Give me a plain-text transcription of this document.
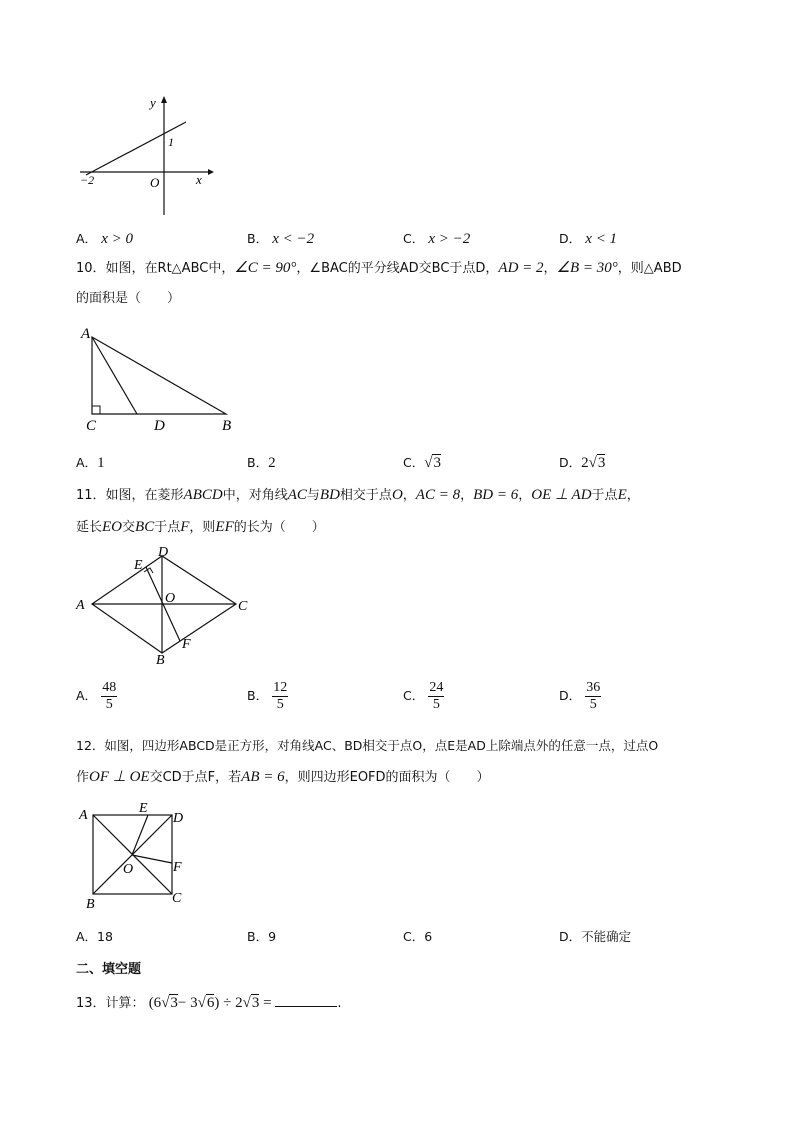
y
x
O
1
−2
A． x > 0	B． x < −2	C． x > −2	D． x < 1
10．如图，在Rt△ABC中，∠C = 90°，∠BAC的平分线AD交BC于点D，AD = 2，∠B = 30°，则△ABD
的面积是（　　）
A
C	D	B
A．1	B．2	C．√3	D．2√3
11．如图，在菱形ABCD中，对角线AC与BD相交于点O，AC = 8，BD = 6，OE ⊥ AD于点E，
延长EO交BC于点F，则EF的长为（　　）
A
D
E
O
C
F
B
A． $\frac{48}{5}$	B． $\frac{12}{5}$	C． $\frac{24}{5}$	D． $\frac{36}{5}$
12．如图，四边形ABCD是正方形，对角线AC、BD相交于点O，点E是AD上除端点外的任意一点，过点O
作OF ⊥ OE交CD于点F，若AB = 6，则四边形EOFD的面积为（　　）
A	E
D
F
O
C
B
A．18	B．9	C．6	D．不能确定
二、填空题
13．计算： (6√3− 3√6) ÷ 2√3 =	.
